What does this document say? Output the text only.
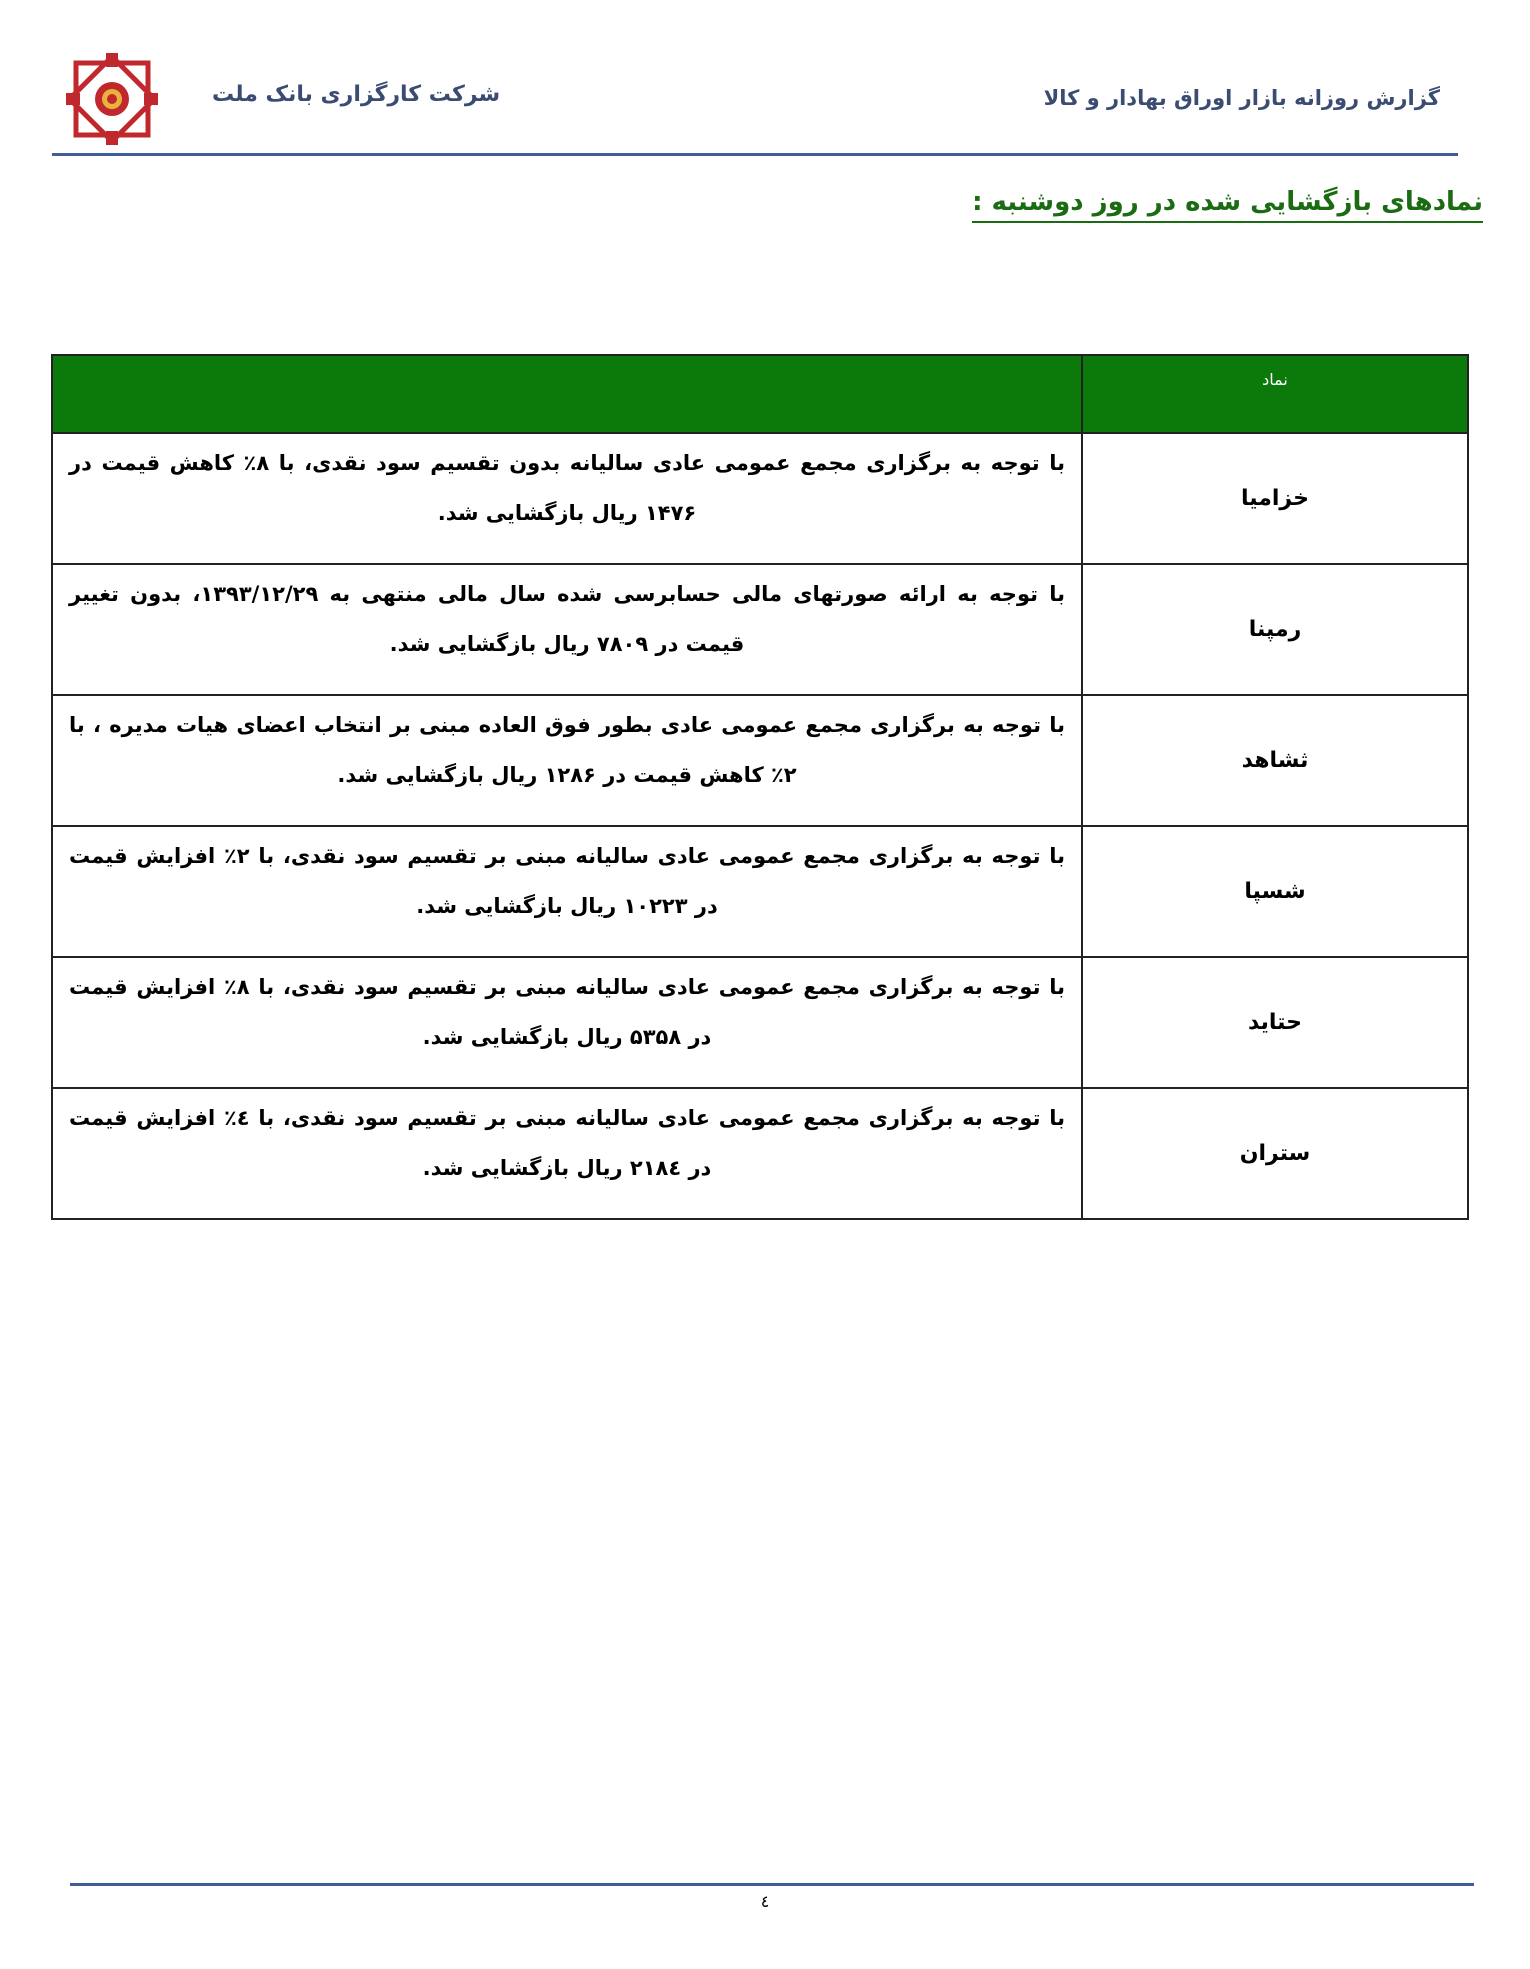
شرکت کارگزاری بانک ملت	گزارش روزانه بازار اوراق بهادار و کالا
نمادهای بازگشایی شده در روز دوشنبه :
نماد	
خزامیا	با توجه به برگزاری مجمع عمومی عادی سالیانه بدون تقسیم سود نقدی، با ۸٪ کاهش قیمت در ۱۴۷۶ ریال بازگشایی شد.
رمپنا	با توجه به ارائه صورتهای مالی حسابرسی شده سال مالی منتهی به ۱۳۹۳/۱۲/۲۹، بدون تغییر قیمت در ۷۸۰۹ ریال بازگشایی شد.
ثشاهد	با توجه به برگزاری مجمع عمومی عادی بطور فوق العاده مبنی بر انتخاب اعضای هیات مدیره ، با ۲٪ کاهش قیمت در ۱۲۸۶ ریال بازگشایی شد.
شسپا	با توجه به برگزاری مجمع عمومی عادی سالیانه مبنی بر تقسیم سود نقدی، با ۲٪ افزایش قیمت در ۱۰۲۲۳ ریال بازگشایی شد.
حتاید	با توجه به برگزاری مجمع عمومی عادی سالیانه مبنی بر تقسیم سود نقدی، با ۸٪ افزایش قیمت در ۵۳۵۸ ریال بازگشایی شد.
ستران	با توجه به برگزاری مجمع عمومی عادی سالیانه مبنی بر تقسیم سود نقدی، با ٤٪ افزایش قیمت در ۲۱۸٤ ریال بازگشایی شد.
٤
